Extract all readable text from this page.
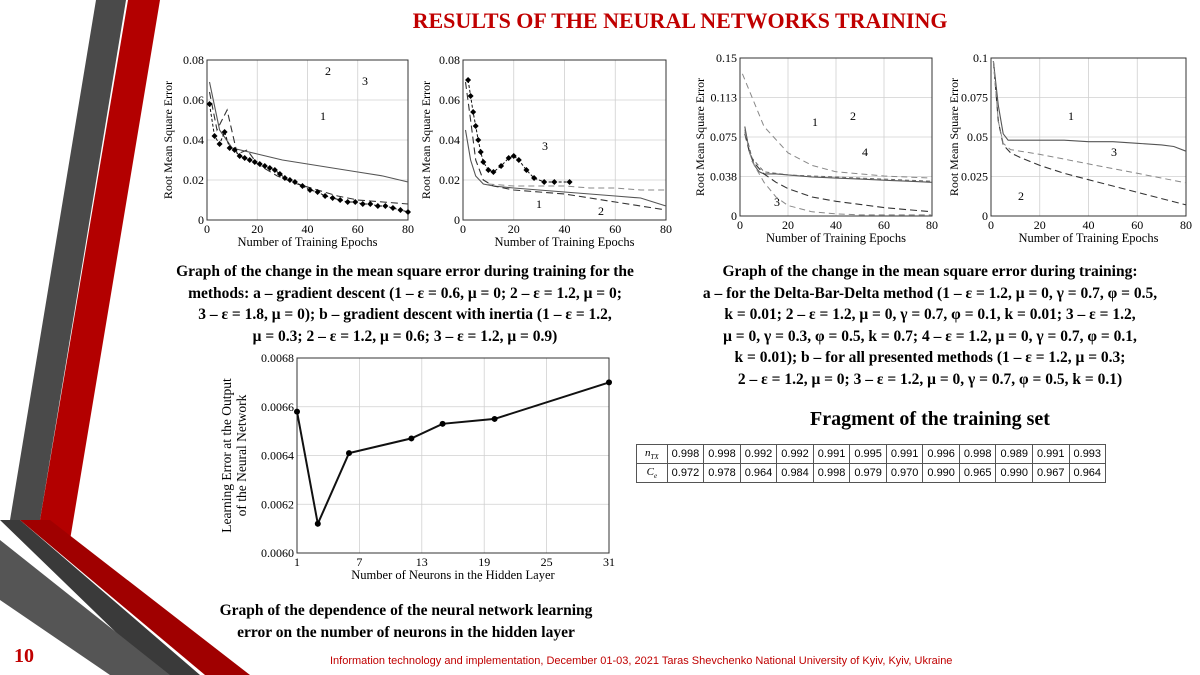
RESULTS OF THE NEURAL NETWORKS TRAINING
0	20	40	60	80
0
0.02
0.04
0.06
0.08
Number of Training Epochs
Root Mean Square Error	1
2
3
0	20	40	60	80
0
0.02
0.04
0.06
0.08
Number of Training Epochs
Root Mean Square Error
1	2
3
0	20	40	60	80
0
0.038
0.075
0.113
0.15
Number of Training Epochs
Root Mean Square Error	1	2
3
4
0	20	40	60	80
0
0.025
0.05
0.075
0.1
Number of Training Epochs
Root Mean Square Error	1
2
3
1	7	13	19	25	31
0.0060
0.0062
0.0064
0.0066
0.0068
Number of Neurons in the Hidden Layer
Learning Error at the Output of the Neural Network
Graph of the change in the mean square error during training for the
methods: a – gradient descent (1 – ε = 0.6, μ = 0; 2 – ε = 1.2, μ = 0;
3 – ε = 1.8, μ = 0); b – gradient descent with inertia (1 – ε = 1.2,
μ = 0.3; 2 – ε = 1.2, μ = 0.6; 3 – ε = 1.2, μ = 0.9)
Graph of the change in the mean square error during training:
a – for the Delta-Bar-Delta method (1 – ε = 1.2, μ = 0, γ = 0.7, φ = 0.5,
k = 0.01; 2 – ε = 1.2, μ = 0, γ = 0.7, φ = 0.1, k = 0.01; 3 – ε = 1.2,
μ = 0, γ = 0.3, φ = 0.5, k = 0.7; 4 – ε = 1.2, μ = 0, γ = 0.7, φ = 0.1,
k = 0.01); b – for all presented methods (1 – ε = 1.2, μ = 0.3;
2 – ε = 1.2, μ = 0; 3 – ε = 1.2, μ = 0, γ = 0.7, φ = 0.5, k = 0.1)
Graph of the dependence of the neural network learning
error on the number of neurons in the hidden layer
Fragment of the training set
$n_{TX}$	0.998	0.998	0.992	0.992	0.991	0.995	0.991	0.996	0.998	0.989	0.991	0.993
$C_e$	0.972	0.978	0.964	0.984	0.998	0.979	0.970	0.990	0.965	0.990	0.967	0.964
10	Information technology and implementation, December 01-03, 2021 Taras Shevchenko National University of Kyiv, Kyiv, Ukraine
